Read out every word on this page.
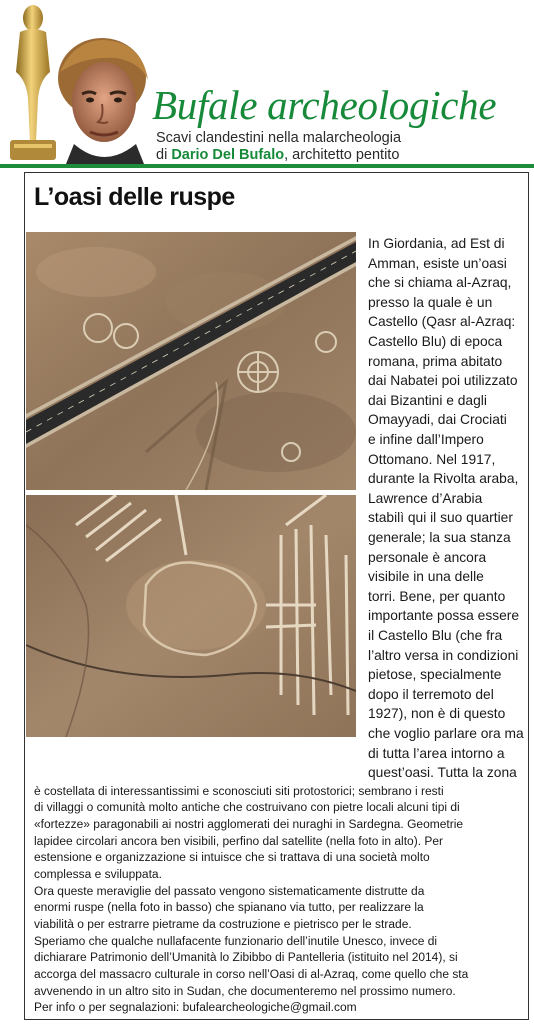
Bufale archeologiche
Scavi clandestini nella malarcheologia
di Dario Del Bufalo, architetto pentito
L’oasi delle ruspe
In Giordania, ad Est di
Amman, esiste un’oasi
che si chiama al-Azraq,
presso la quale è un
Castello (Qasr al-Azraq:
Castello Blu) di epoca
romana, prima abitato
dai Nabatei poi utilizzato
dai Bizantini e dagli
Omayyadi, dai Crociati
e infine dall’Impero
Ottomano. Nel 1917,
durante la Rivolta araba,
Lawrence d’Arabia
stabilì qui il suo quartier
generale; la sua stanza
personale è ancora
visibile in una delle
torri. Bene, per quanto
importante possa essere
il Castello Blu (che fra
l’altro versa in condizioni
pietose, specialmente
dopo il terremoto del
1927), non è di questo
che voglio parlare ora ma
di tutta l’area intorno a
quest’oasi. Tutta la zona
è costellata di interessantissimi e sconosciuti siti protostorici; sembrano i resti
di villaggi o comunità molto antiche che costruivano con pietre locali alcuni tipi di
«fortezze» paragonabili ai nostri agglomerati dei nuraghi in Sardegna. Geometrie
lapidee circolari ancora ben visibili, perfino dal satellite (nella foto in alto). Per
estensione e organizzazione si intuisce che si trattava di una società molto
complessa e sviluppata.
Ora queste meraviglie del passato vengono sistematicamente distrutte da
enormi ruspe (nella foto in basso) che spianano via tutto, per realizzare la
viabilità o per estrarre pietrame da costruzione e pietrisco per le strade.
Speriamo che qualche nullafacente funzionario dell’inutile Unesco, invece di
dichiarare Patrimonio dell’Umanità lo Zibibbo di Pantelleria (istituito nel 2014), si
accorga del massacro culturale in corso nell’Oasi di al-Azraq, come quello che sta
avvenendo in un altro sito in Sudan, che documenteremo nel prossimo numero.
Per info o per segnalazioni: bufalearcheologiche@gmail.com
